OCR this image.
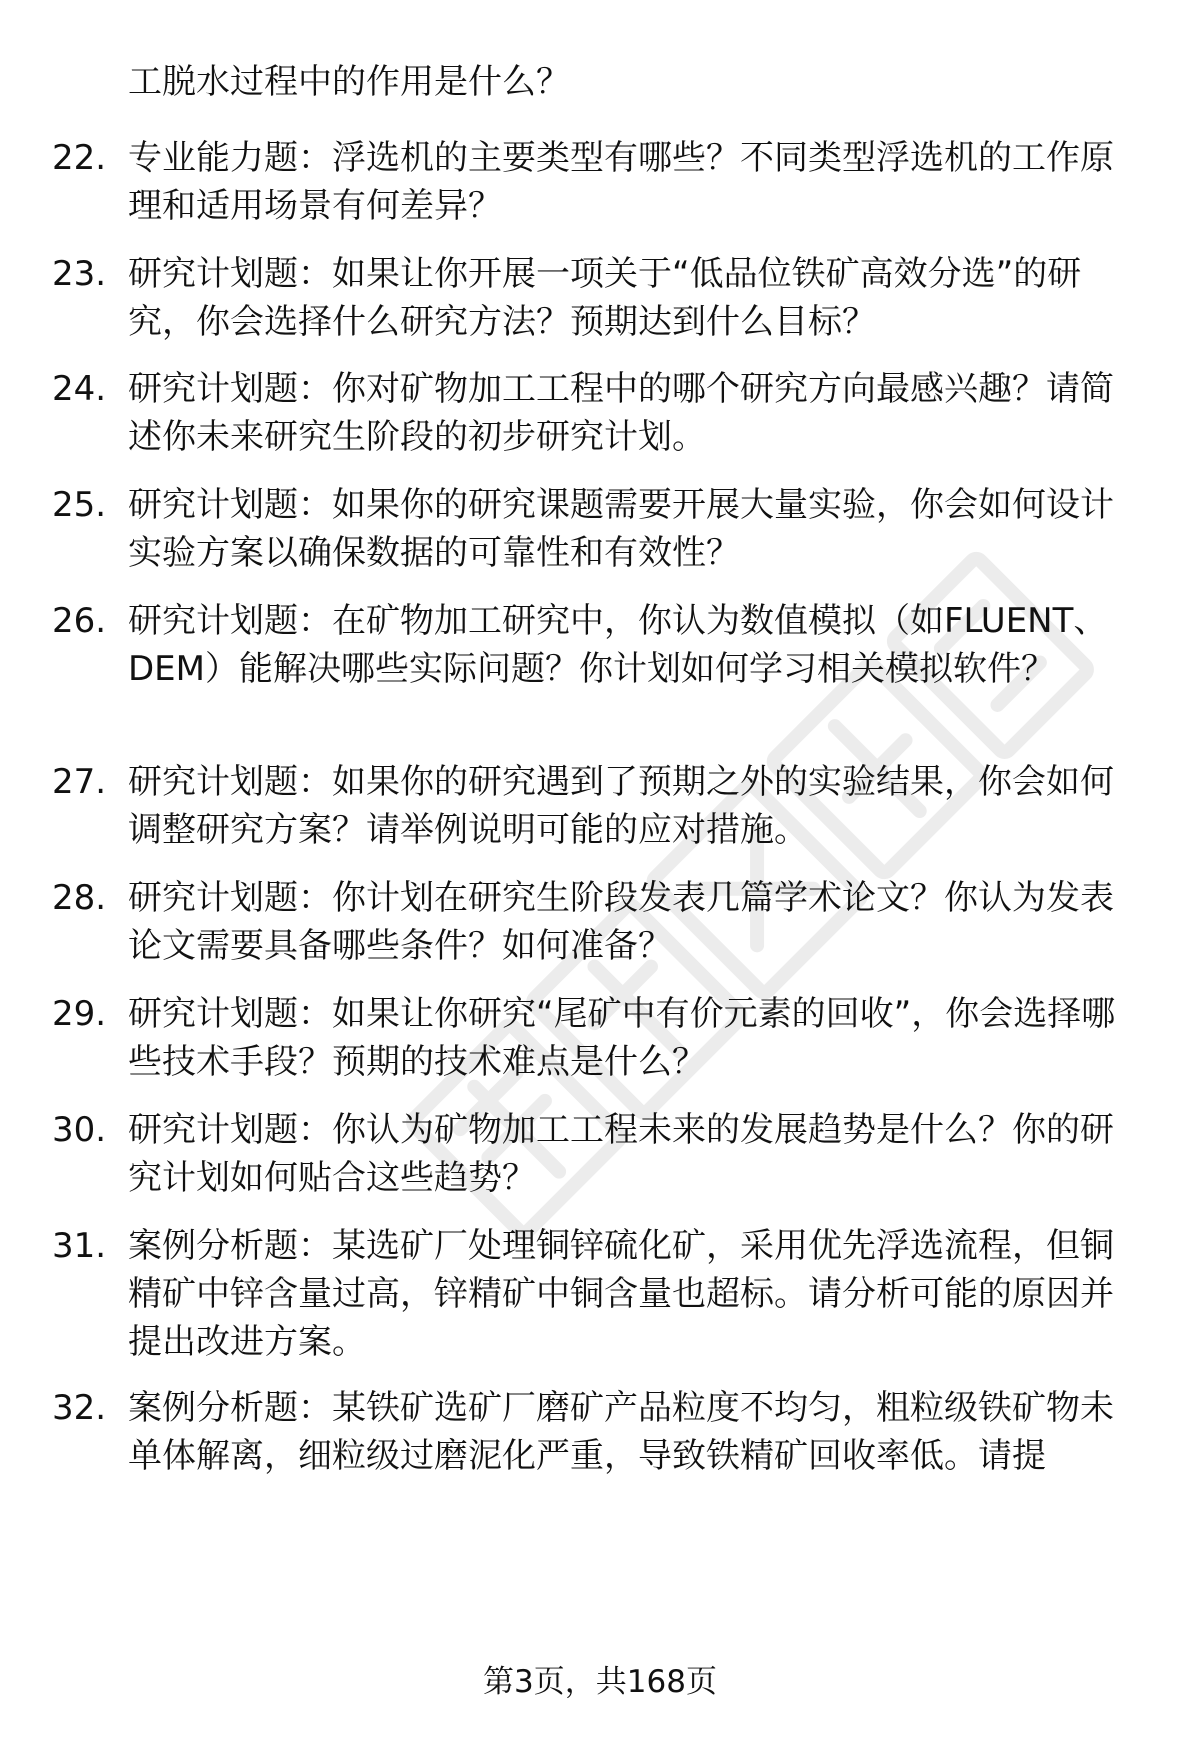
工脱水过程中的作用是什么？

22. 专业能力题：浮选机的主要类型有哪些？不同类型浮选机的工作原理和适用场景有何差异？

23. 研究计划题：如果让你开展一项关于“低品位铁矿高效分选”的研究，你会选择什么研究方法？预期达到什么目标？

24. 研究计划题：你对矿物加工工程中的哪个研究方向最感兴趣？请简述你未来研究生阶段的初步研究计划。

25. 研究计划题：如果你的研究课题需要开展大量实验，你会如何设计实验方案以确保数据的可靠性和有效性？

26. 研究计划题：在矿物加工研究中，你认为数值模拟（如FLUENT、DEM）能解决哪些实际问题？你计划如何学习相关模拟软件？

27. 研究计划题：如果你的研究遇到了预期之外的实验结果，你会如何调整研究方案？请举例说明可能的应对措施。

28. 研究计划题：你计划在研究生阶段发表几篇学术论文？你认为发表论文需要具备哪些条件？如何准备？

29. 研究计划题：如果让你研究“尾矿中有价元素的回收”，你会选择哪些技术手段？预期的技术难点是什么？

30. 研究计划题：你认为矿物加工工程未来的发展趋势是什么？你的研究计划如何贴合这些趋势？

31. 案例分析题：某选矿厂处理铜锌硫化矿，采用优先浮选流程，但铜精矿中锌含量过高，锌精矿中铜含量也超标。请分析可能的原因并提出改进方案。

32. 案例分析题：某铁矿选矿厂磨矿产品粒度不均匀，粗粒级铁矿物未单体解离，细粒级过磨泥化严重，导致铁精矿回收率低。请提

第3页，共168页
